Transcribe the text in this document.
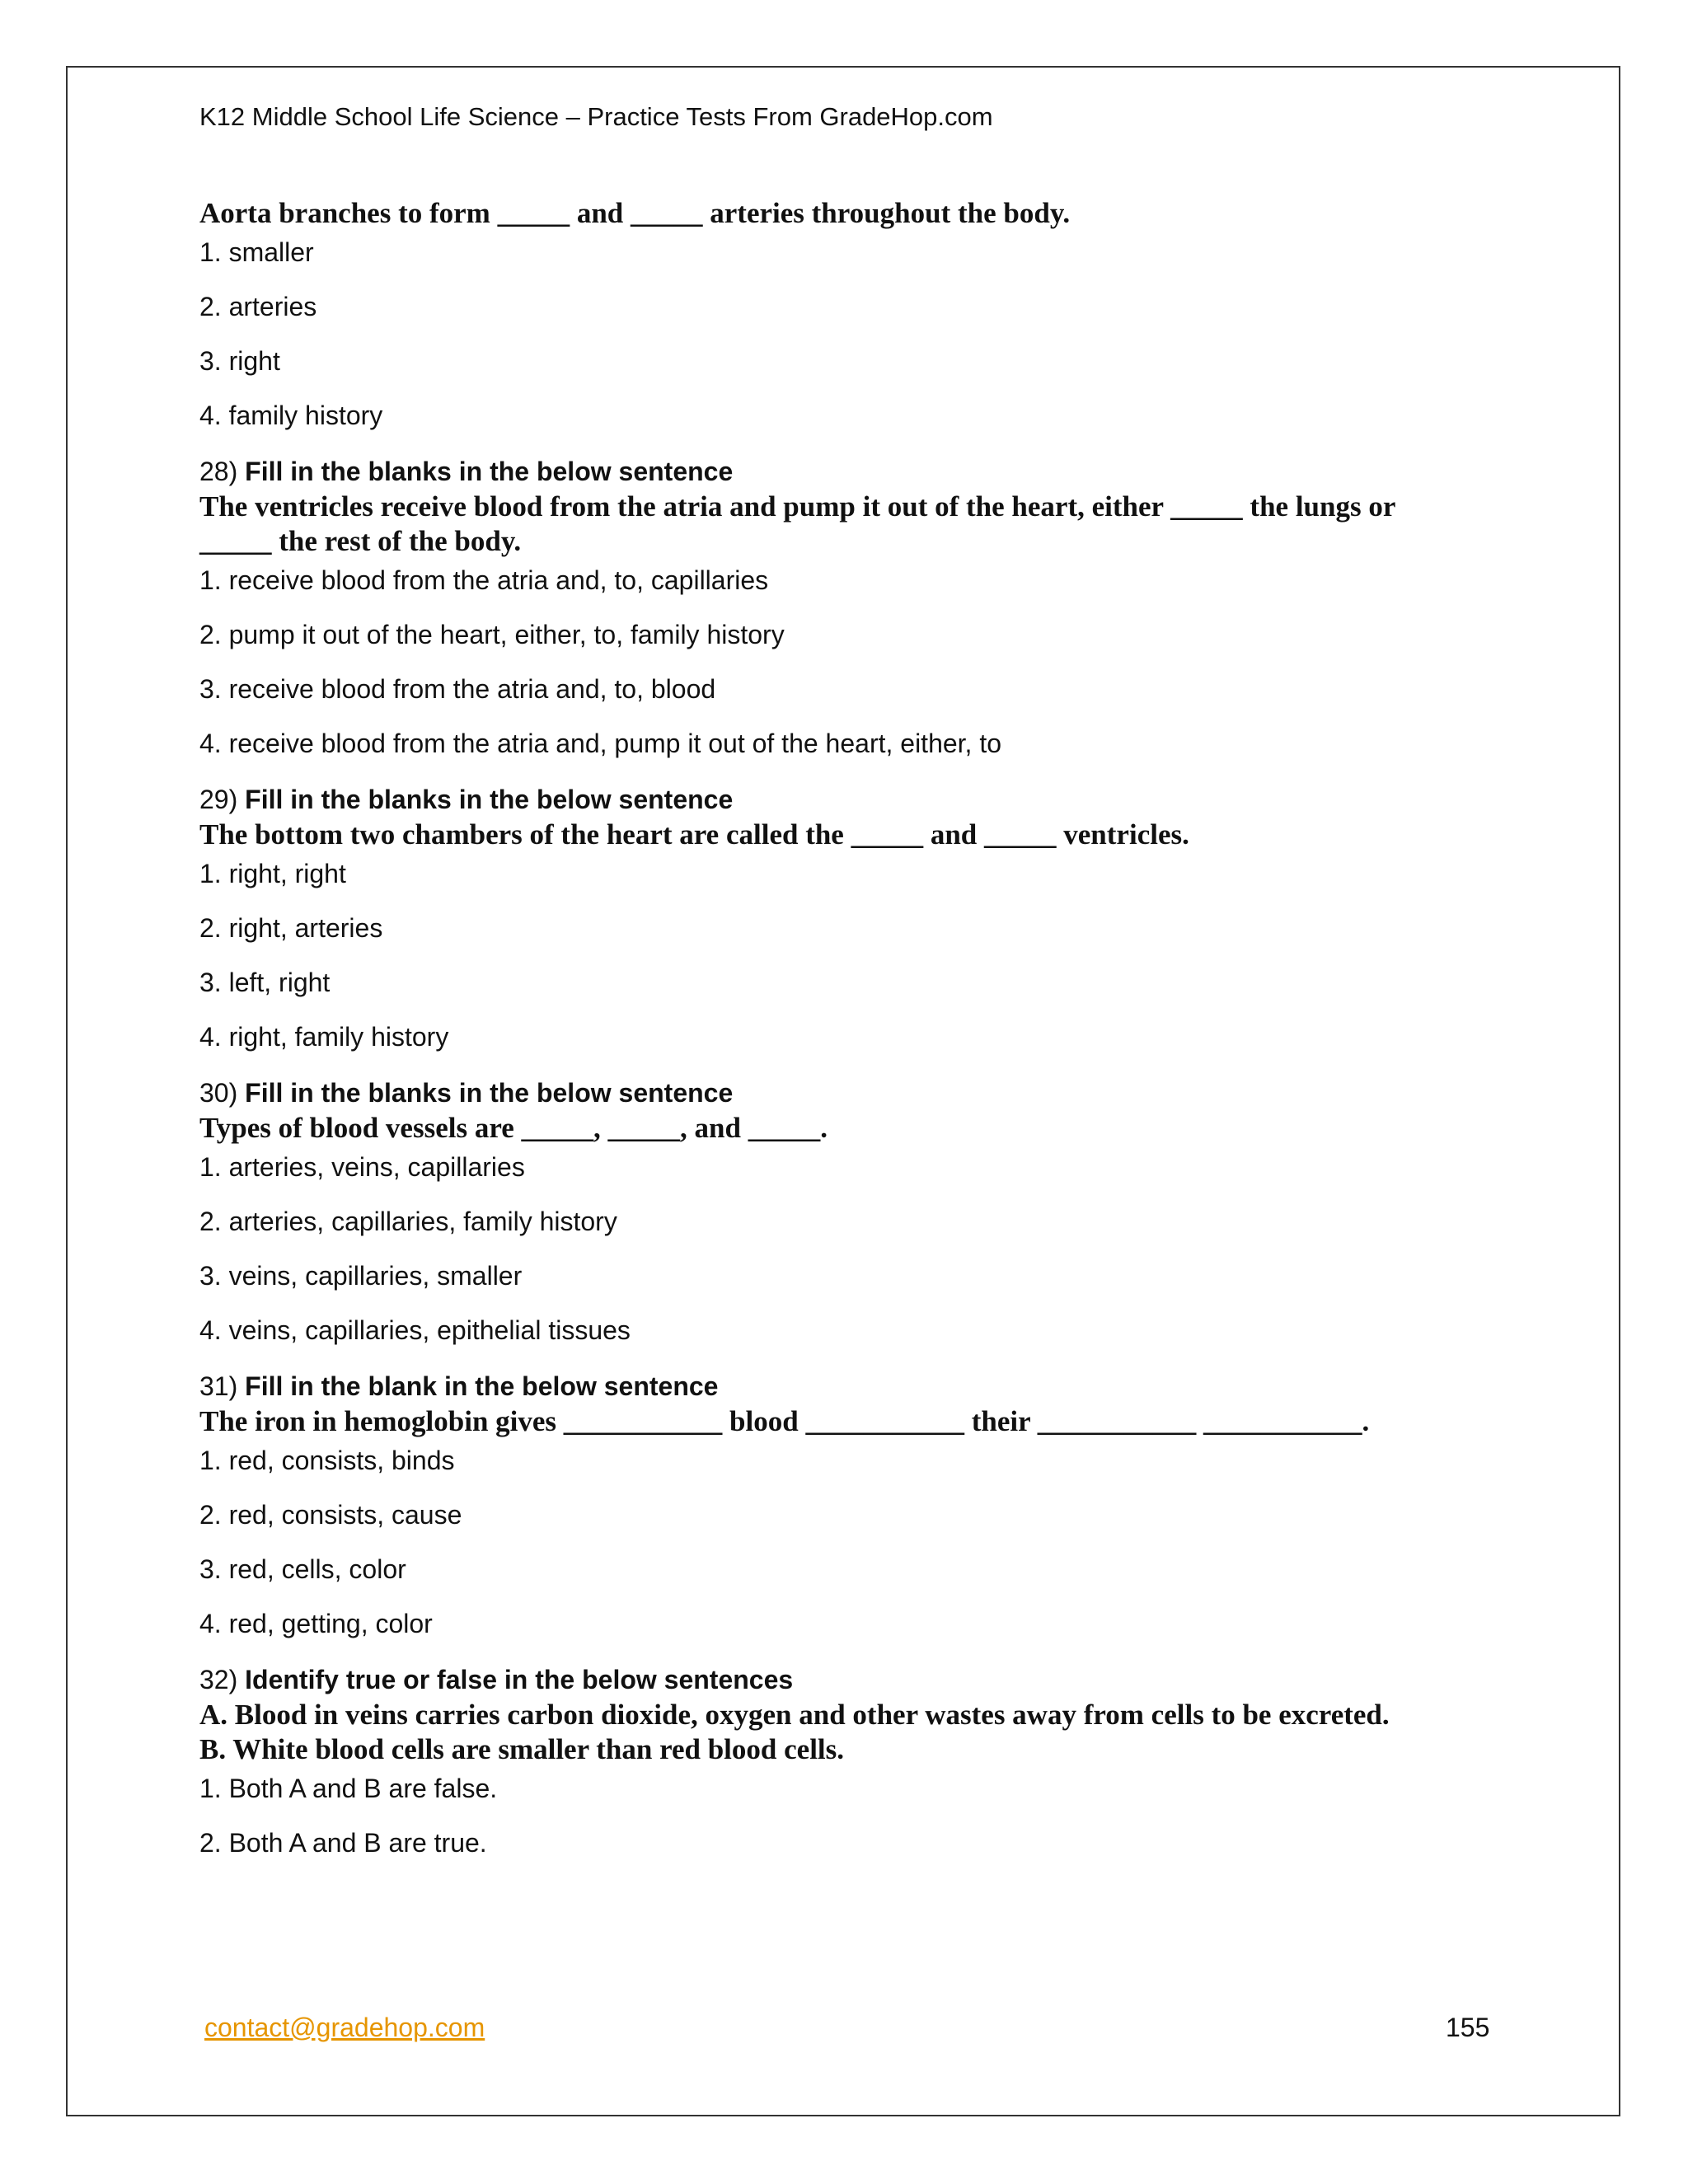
K12 Middle School Life Science – Practice Tests From GradeHop.com

Aorta branches to form _____ and _____ arteries throughout the body.

1. smaller

2. arteries

3. right

4. family history

28) Fill in the blanks in the below sentence

The ventricles receive blood from the atria and pump it out of the heart, either _____ the lungs or
_____ the rest of the body.

1. receive blood from the atria and, to, capillaries

2. pump it out of the heart, either, to, family history

3. receive blood from the atria and, to, blood

4. receive blood from the atria and, pump it out of the heart, either, to

29) Fill in the blanks in the below sentence

The bottom two chambers of the heart are called the _____ and _____ ventricles.

1. right, right

2. right, arteries

3. left, right

4. right, family history

30) Fill in the blanks in the below sentence

Types of blood vessels are _____, _____, and _____.

1. arteries, veins, capillaries

2. arteries, capillaries, family history

3. veins, capillaries, smaller

4. veins, capillaries, epithelial tissues

31) Fill in the blank in the below sentence

The iron in hemoglobin gives ___________ blood ___________ their ___________ ___________.

1. red, consists, binds

2. red, consists, cause

3. red, cells, color

4. red, getting, color

32) Identify true or false in the below sentences

A. Blood in veins carries carbon dioxide, oxygen and other wastes away from cells to be excreted.
B. White blood cells are smaller than red blood cells.

1. Both A and B are false.

2. Both A and B are true.

contact@gradehop.com	155
